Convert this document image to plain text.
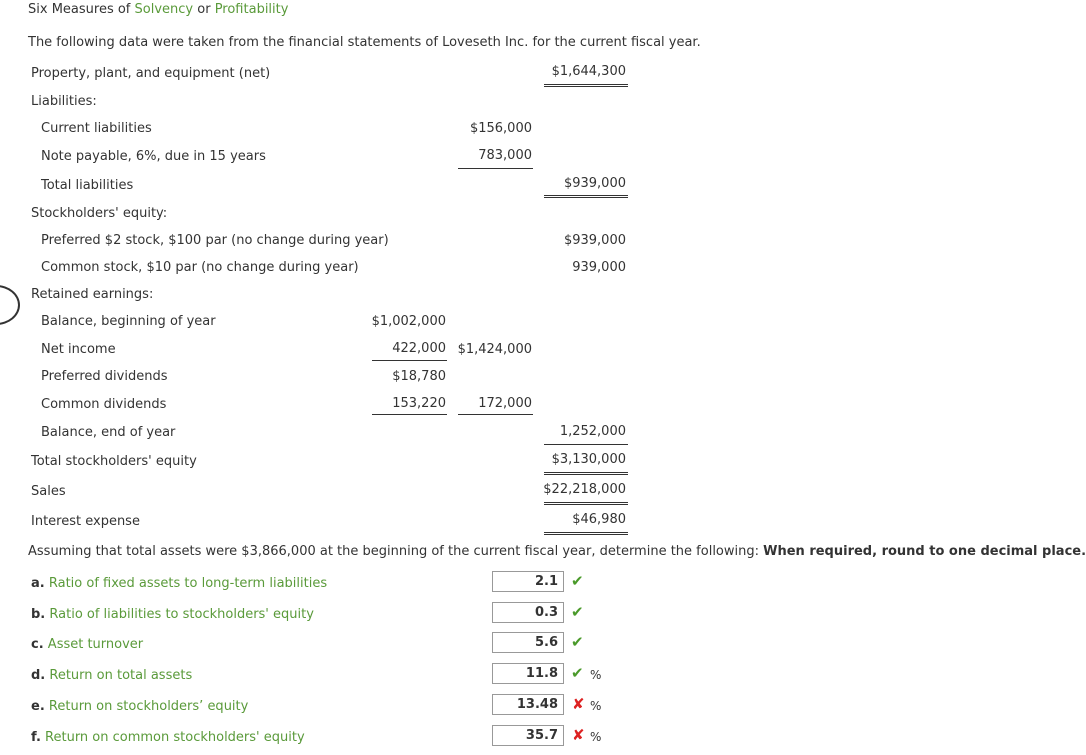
Six Measures of Solvency or Profitability
The following data were taken from the financial statements of Loveseth Inc. for the current fiscal year.
Property, plant, and equipment (net)	$1,644,300
Liabilities:
Current liabilities	$156,000
Note payable, 6%, due in 15 years	783,000
Total liabilities	$939,000
Stockholders' equity:
Preferred $2 stock, $100 par (no change during year)	$939,000
Common stock, $10 par (no change during year)	939,000
Retained earnings:
Balance, beginning of year	$1,002,000
Net income	422,000 $1,424,000
Preferred dividends	$18,780
Common dividends	153,220	172,000
Balance, end of year	1,252,000
Total stockholders' equity	$3,130,000
Sales	$22,218,000
Interest expense	$46,980
Assuming that total assets were $3,866,000 at the beginning of the current fiscal year, determine the following: When required, round to one decimal place.
a. Ratio of fixed assets to long-term liabilities	2.1 ✔
b. Ratio of liabilities to stockholders' equity	0.3 ✔
c. Asset turnover	5.6 ✔
d. Return on total assets	11.8 ✔ %
e. Return on stockholders’ equity	13.48 ✘ %
f. Return on common stockholders' equity	35.7 ✘ %
